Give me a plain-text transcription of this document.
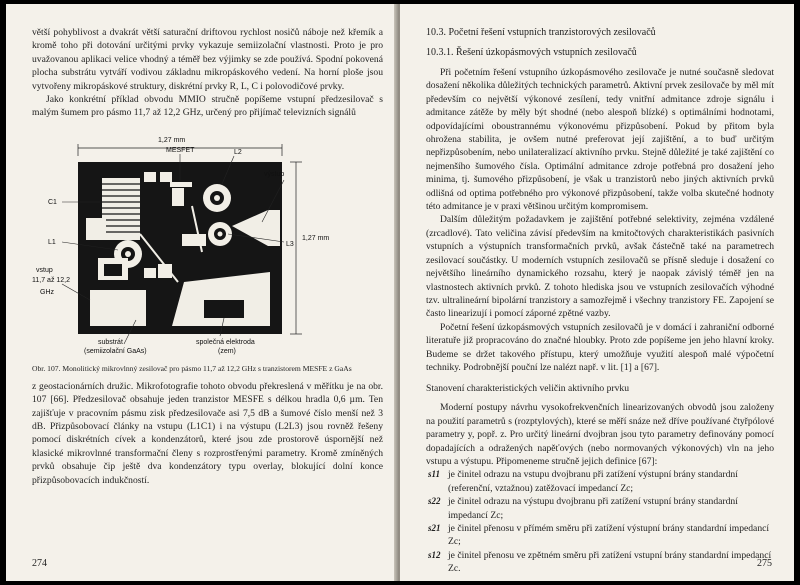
větší pohyblivost a dvakrát větší saturační driftovou rychlost nosičů náboje než křemík a kromě toho při dotování určitými prvky vykazuje semiizolační vlastnosti. Proto je pro uvažovanou aplikaci velice vhodný a téměř bez výjimky se zde používá. Spodní pokovená plocha substrátu vytváří vodivou základnu mikropáskového vedení. Na horní ploše jsou vytvořeny mikropáskové struktury, diskrétní prvky R, L, C i polovodičové prvky.

Jako konkrétní příklad obvodu MMIO stručně popíšeme vstupní předzesilovač s malým šumem pro pásmo 11,7 až 12,2 GHz, určený pro přijímač televizních signálů

1,27 mm
1,27 mm
MESFET	L2
výstup
L3
C1
L1
vstup
11,7 až 12,2
GHz
substrát
(semiizolační GaAs)
společná elektroda
(zem)
Obr. 107. Monolitický mikrovlnný zesilovač pro pásmo 11,7 až 12,2 GHz s tranzistorem MESFE z GaAs

z geostacionárních družic. Mikrofotografie tohoto obvodu překreslená v měřítku je na obr. 107 [66]. Předzesilovač obsahuje jeden tranzistor MESFE s délkou hradla 0,6 µm. Ten zajišťuje v pracovním pásmu zisk předzesilovače asi 7,5 dB a šumové číslo menší než 3 dB. Přizpůsobovací články na vstupu (L1C1) i na výstupu (L2L3) jsou rovněž řešeny pomocí diskrétních cívek a kondenzátorů, které jsou zde prostorově úspornější než klasické mikrovlnné transformační členy s rozprostřenými parametry. Kromě zmíněných prvků obsahuje čip ještě dva kondenzátory typu overlay, blokující dolní konce přizpůsobovacích indukčností.

274
10.3. Početní řešení vstupních tranzistorových zesilovačů
10.3.1. Řešení úzkopásmových vstupních zesilovačů

Při početním řešení vstupního úzkopásmového zesilovače je nutné současně sledovat dosažení několika důležitých technických parametrů. Aktivní prvek zesilovače by měl mít především co největší výkonové zesílení, tedy vnitřní admitance zdroje signálu i admitance zátěže by měly být shodné (nebo alespoň blízké) s optimálními hodnotami, odpovídajícími oboustrannému výkonovému přizpůsobení. Pokud by přitom byla ohrožena stabilita, je ovšem nutné preferovat její zajištění, a to buď určitým nepřizpůsobením, nebo unilateralizací aktivního prvku. Stejně důležité je také zajištění co nejmenšího šumového čísla. Optimální admitance zdroje potřebná pro dosažení jeho minima, tj. šumového přizpůsobení, je však u tranzistorů nebo jiných aktivních prvků odlišná od optima potřebného pro výkonové přizpůsobení, takže volba skutečné hodnoty této admitance je v praxi většinou určitým kompromisem.

Dalším důležitým požadavkem je zajištění potřebné selektivity, zejména vzdálené (zrcadlové). Tato veličina závisí především na kmitočtových charakteristikách pasivních vstupních a výstupních transformačních prvků, avšak částečně také na parametrech zesilovací součástky. U moderních vstupních zesilovačů se přísně sleduje i dosažení co největšího lineárního dynamického rozsahu, který je naopak závislý téměř jen na vlastnostech aktivních prvků. Z tohoto hlediska jsou ve vstupních zesilovačích výhodné tzv. ultralineární bipolární tranzistory a samozřejmě i všechny tranzistory FE. Zapojení se často linearizují i pomocí záporné zpětné vazby.

Početní řešení úzkopásmových vstupních zesilovačů je v domácí i zahraniční odborné literatuře již propracováno do značné hloubky. Proto zde popíšeme jen jeho hlavní kroky. Budeme se držet takového přístupu, který umožňuje využití alespoň malé výpočetní techniky. Podrobnější pouční lze nalézt např. v lit. [1] a [67].

Stanovení charakteristických veličin aktivního prvku

Moderní postupy návrhu vysokofrekvenčních linearizovaných obvodů jsou založeny na použití parametrů s (rozptylových), které se měří snáze než dříve používané čtyřpólové parametry y, popř. z. Pro určitý lineární dvojbran jsou tyto parametry definovány pomocí dopadajících a odražených napěťových (nebo normovaných výkonových) vln na jeho vstupu a výstupu. Připomeneme stručně jejich definice [67]:

s11 je činitel odrazu na vstupu dvojbranu při zatížení výstupní brány standardní (referenční, vztažnou) zatěžovací impedancí Zc;
s22 je činitel odrazu na výstupu dvojbranu při zatížení vstupní brány standardní impedancí Zc;
s21 je činitel přenosu v přímém směru při zatížení výstupní brány standardní impedancí Zc;
s12 je činitel přenosu ve zpětném směru při zatížení vstupní brány standardní impedancí Zc.	275
